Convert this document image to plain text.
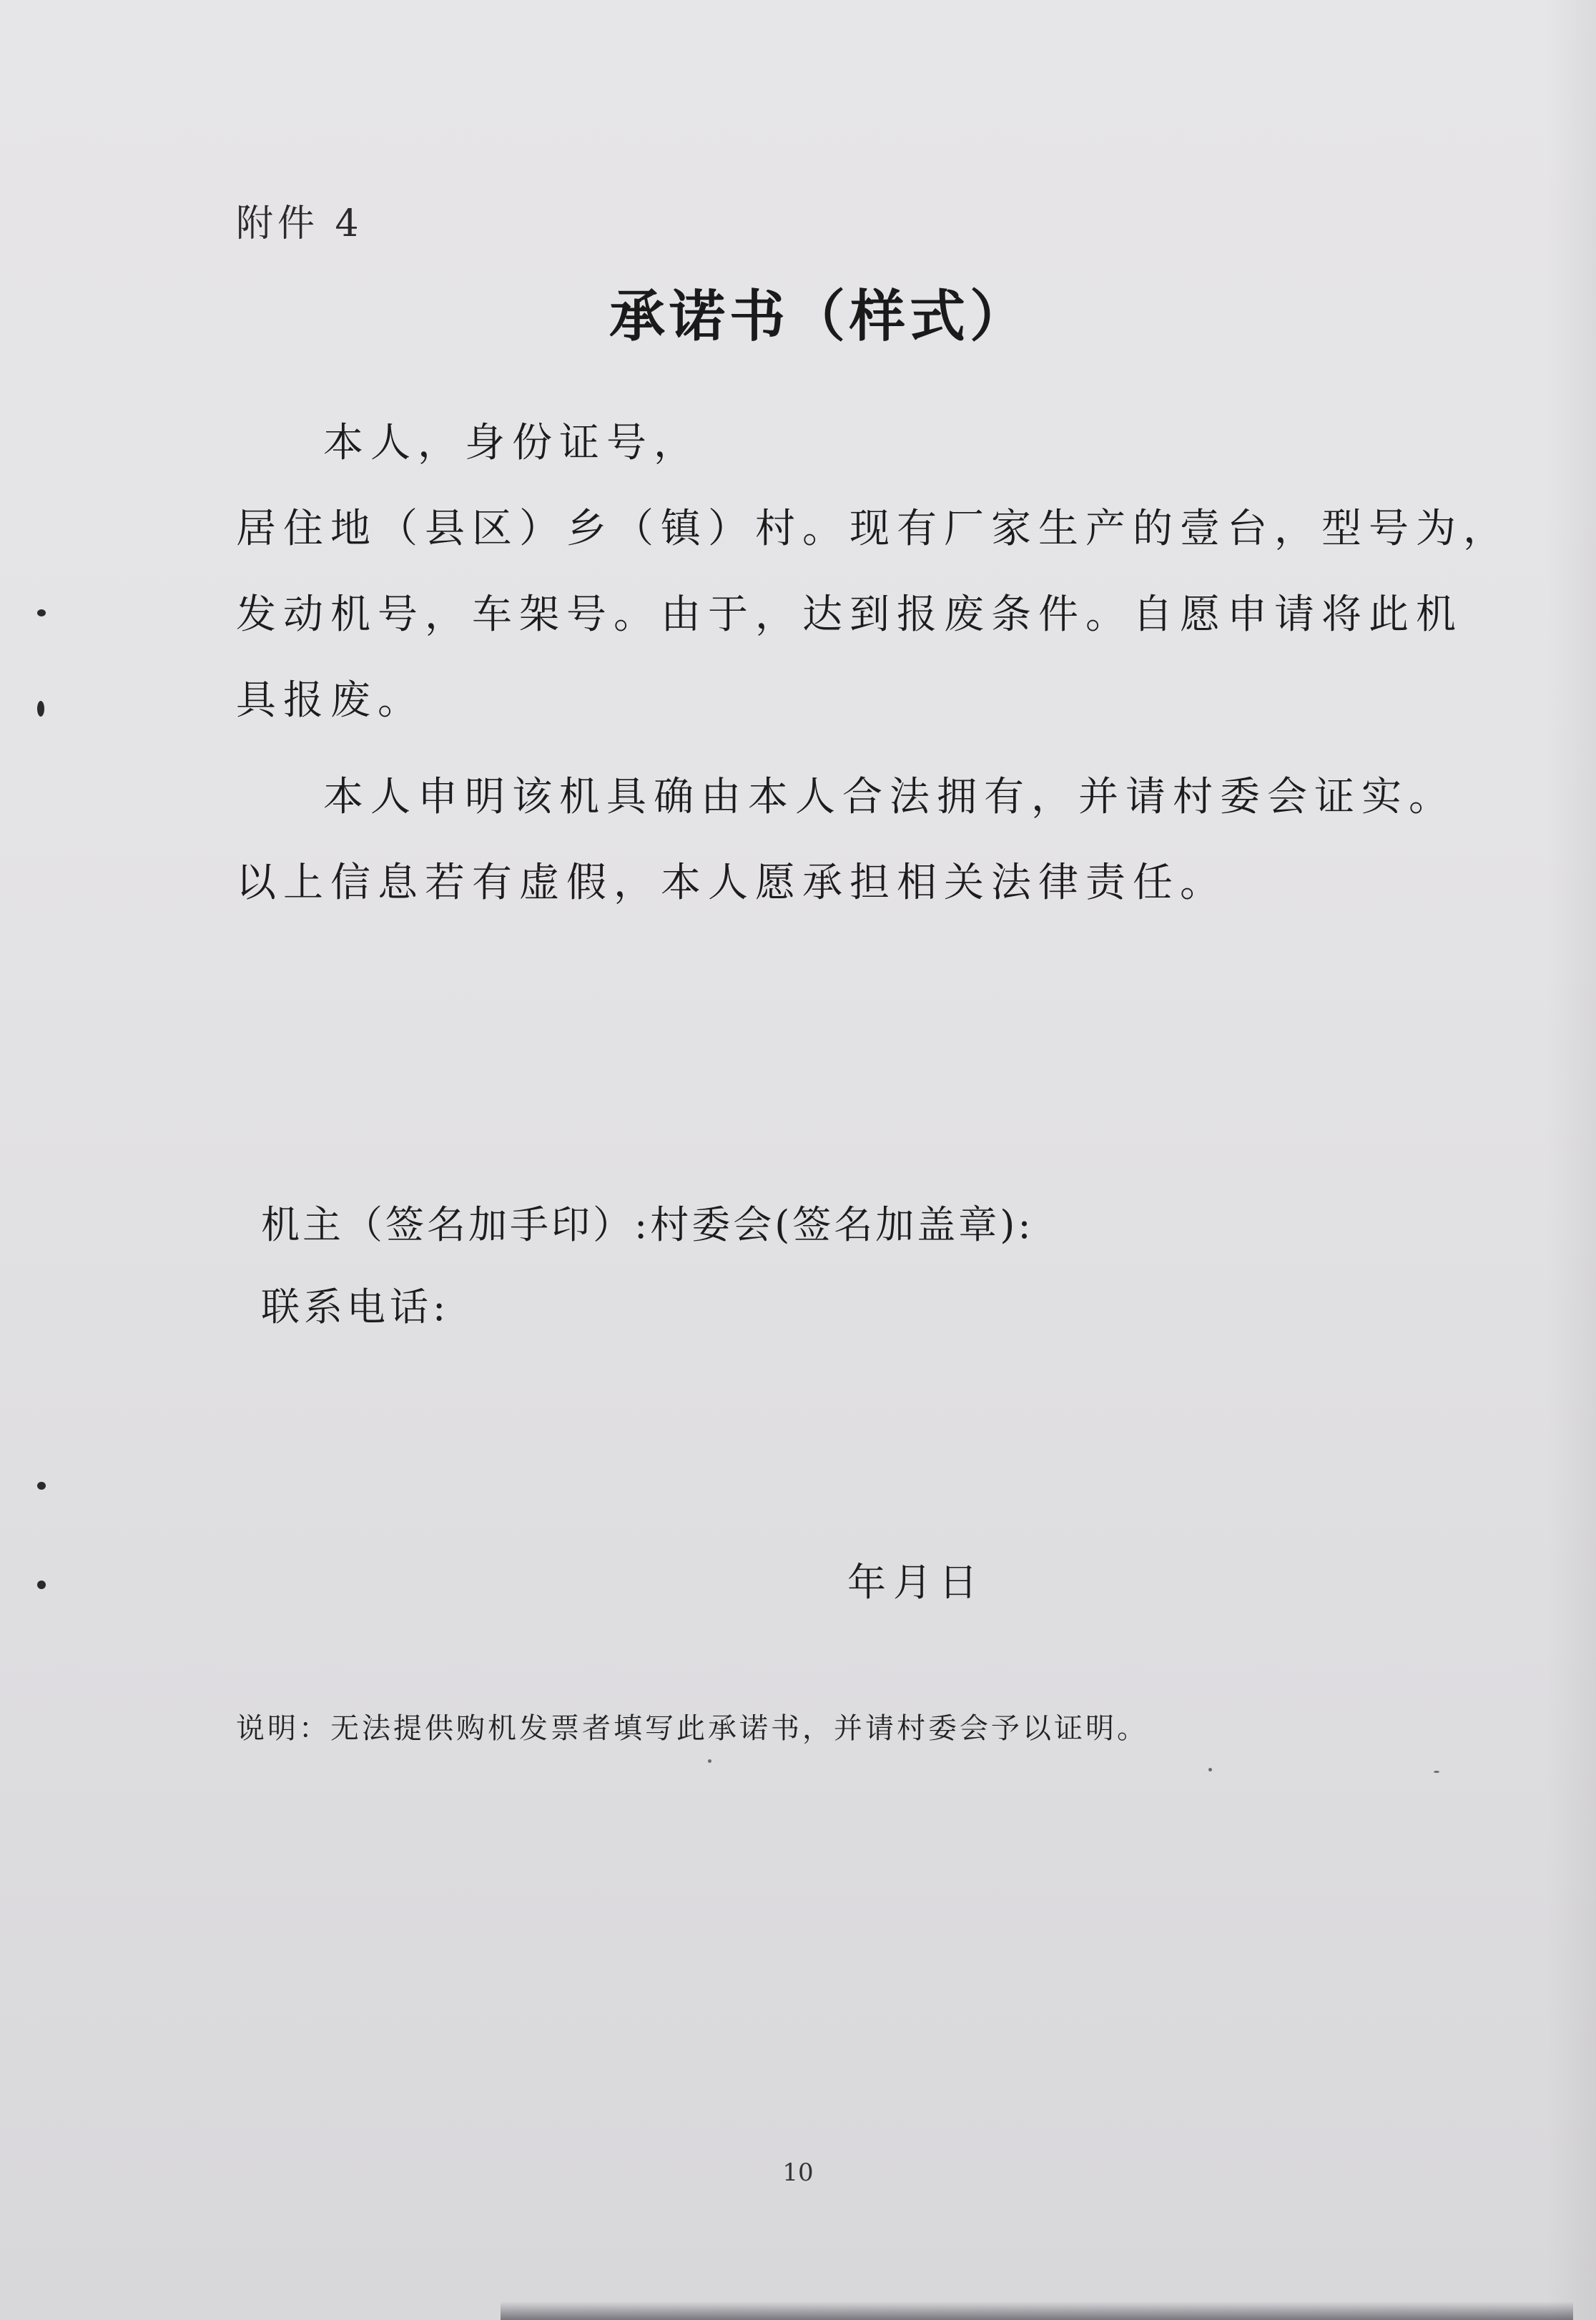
附件 4
承诺书（样式）
本人，身份证号，
居住地（县区）乡（镇）村。现有厂家生产的壹台，型号为，
发动机号，车架号。由于，达到报废条件。自愿申请将此机
具报废。
本人申明该机具确由本人合法拥有，并请村委会证实。
以上信息若有虚假，本人愿承担相关法律责任。
机主（签名加手印）:村委会(签名加盖章):
联系电话:
年月日
说明：无法提供购机发票者填写此承诺书，并请村委会予以证明。
10
